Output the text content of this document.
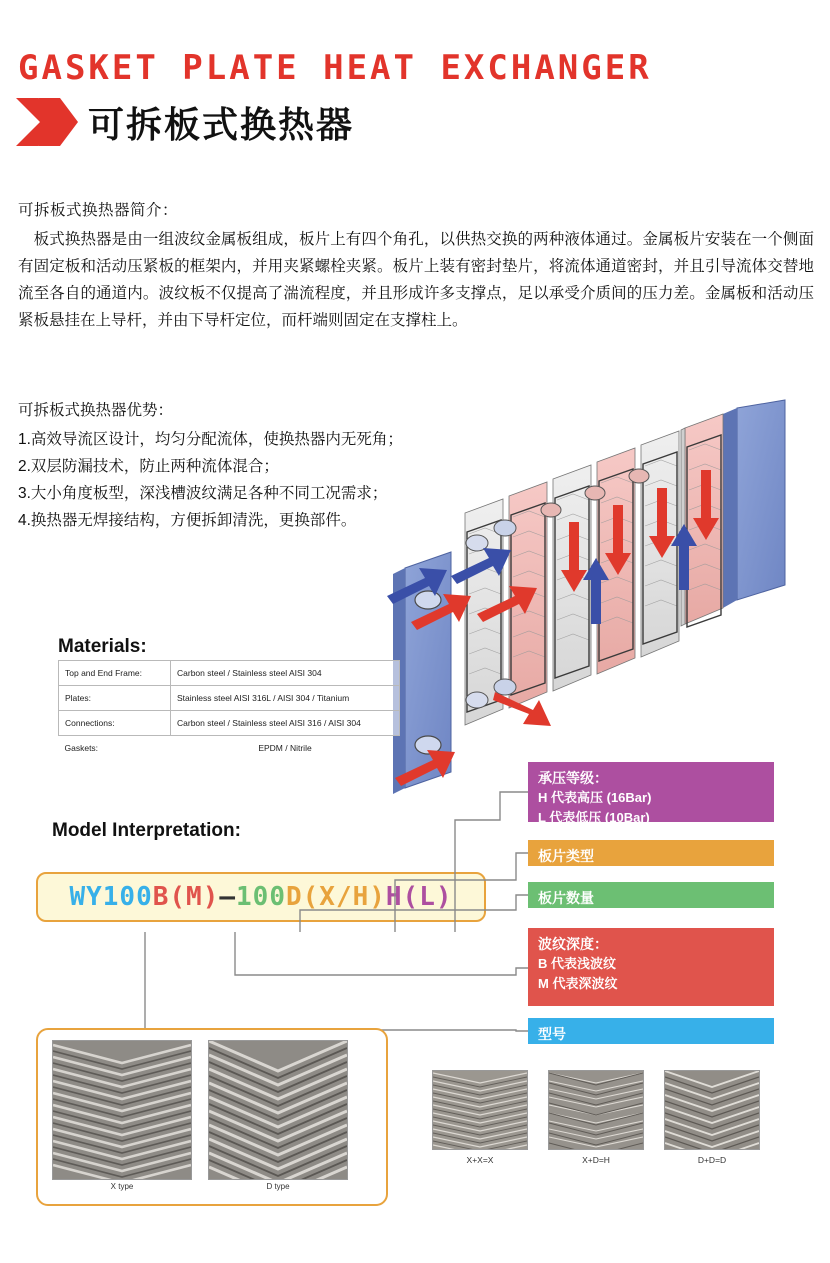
GASKET PLATE HEAT EXCHANGER
可拆板式换热器
可拆板式换热器简介：
　板式换热器是由一组波纹金属板组成，板片上有四个角孔，以供热交换的两种液体通过。金属板片安装在一个侧面有固定板和活动压紧板的框架内，并用夹紧螺栓夹紧。板片上装有密封垫片，将流体通道密封，并且引导流体交替地流至各自的通道内。波纹板不仅提高了湍流程度，并且形成许多支撑点，足以承受介质间的压力差。金属板和活动压紧板悬挂在上导杆，并由下导杆定位，而杆端则固定在支撑柱上。
可拆板式换热器优势：
1.高效导流区设计，均匀分配流体，使换热器内无死角；
2.双层防漏技术，防止两种流体混合；
3.大小角度板型，深浅槽波纹满足各种不同工况需求；
4.换热器无焊接结构，方便拆卸清洗，更换部件。
Materials:
Top and End Frame:	Carbon steel / Stainless steel AISI 304
Plates:	Stainless steel AISI 316L / AISI 304 / Titanium
Connections:	Carbon steel / Stainless steel AISI 316 / AISI 304
Gaskets:	EPDM / Nitrile
Model Interpretation:
WY100 B(M) – 100 D(X/H) H(L)
承压等级：
H 代表高压 (16Bar)
L 代表低压 (10Bar)
板片类型
板片数量
波纹深度：
B 代表浅波纹
M 代表深波纹
型号
X type	D type
X+X=X	X+D=H	D+D=D
